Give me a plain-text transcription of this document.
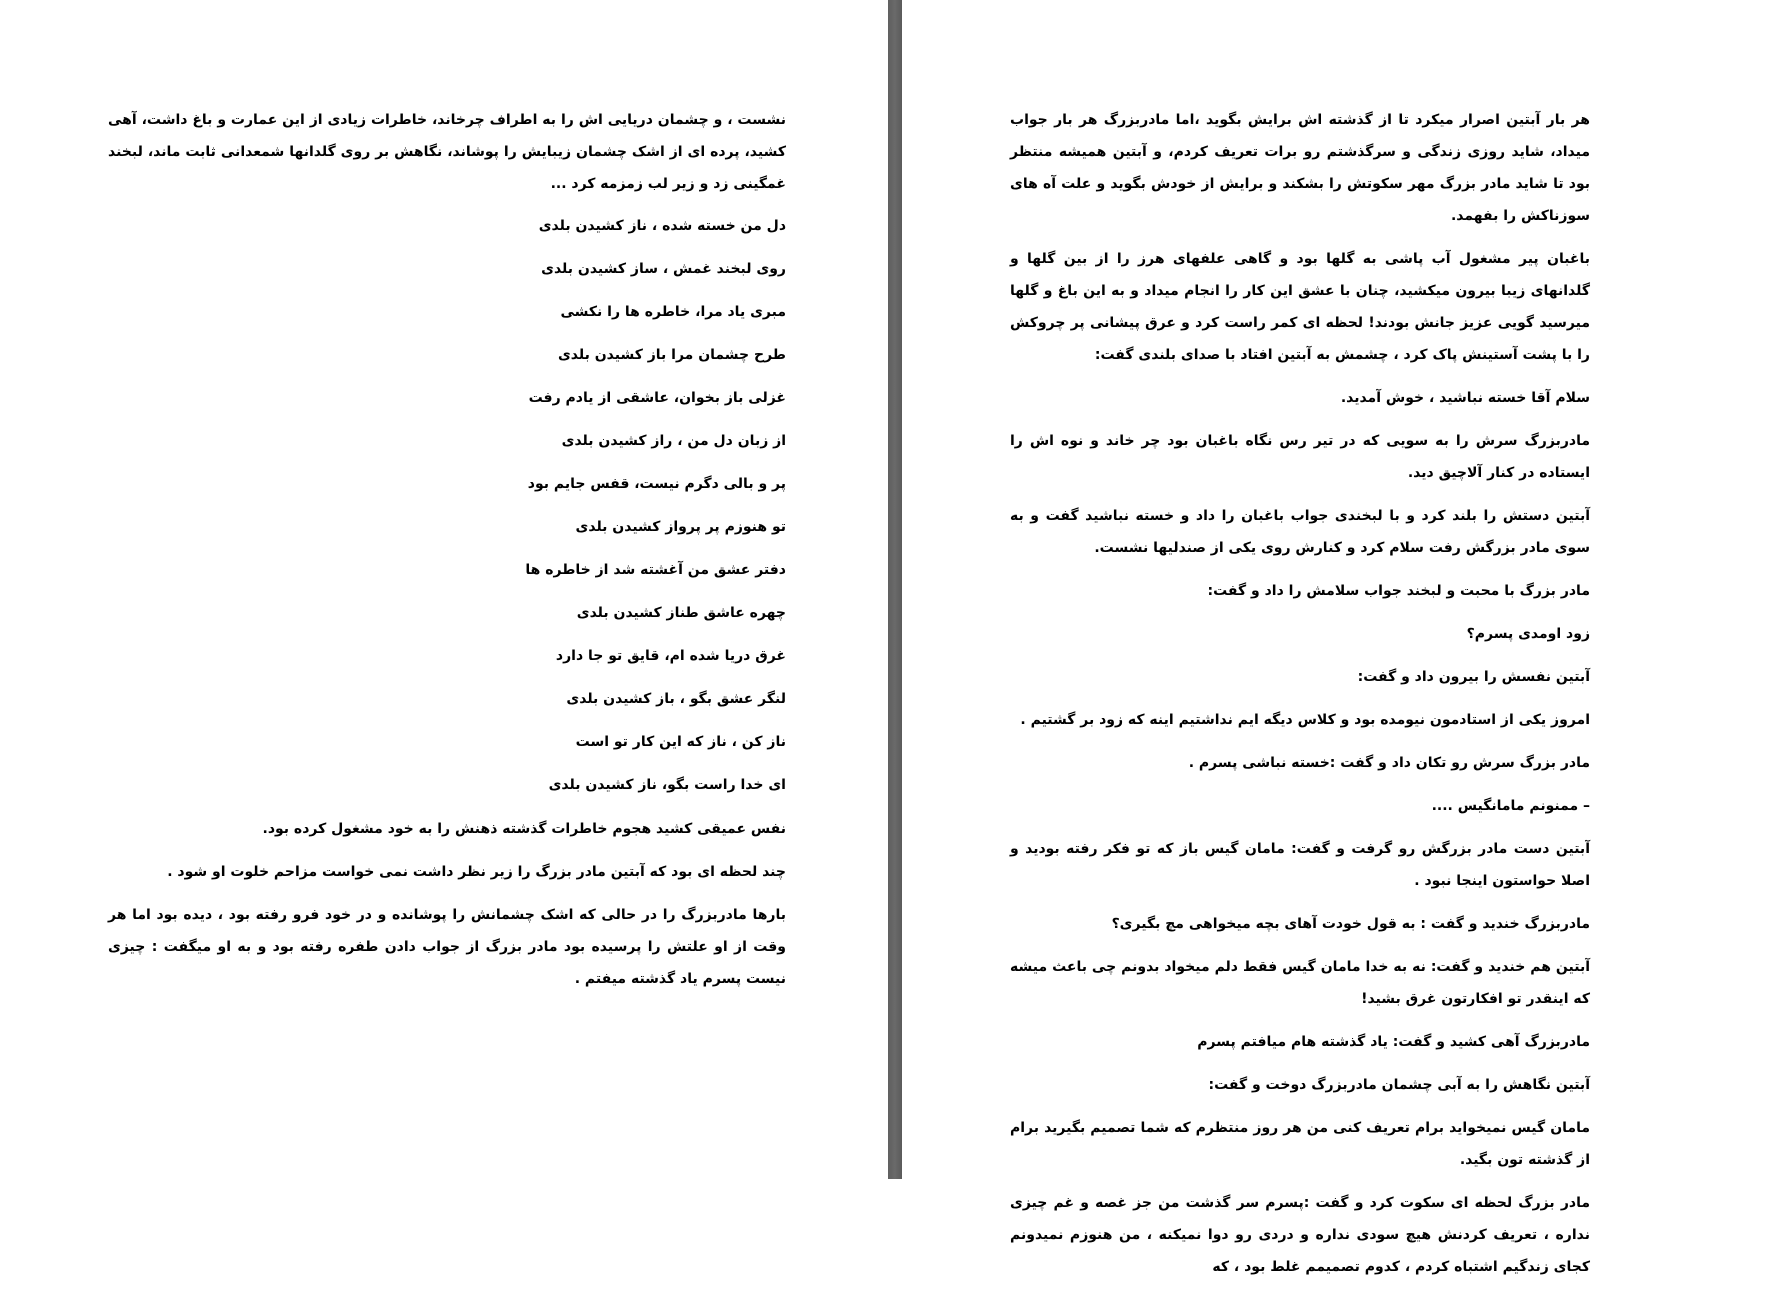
نشست ، و چشمان دریایی اش را به اطراف چرخاند، خاطرات زیادی از این عمارت و باغ داشت، آهی کشید، پرده ای از اشک چشمان زیبایش را پوشاند، نگاهش بر روی گلدانها شمعدانی ثابت ماند، لبخند غمگینی زد و زیر لب زمزمه کرد ...

دل من خسته شده ، ناز کشیدن بلدی

روی لبخند غمش ، ساز کشیدن بلدی

مبری یاد مرا، خاطره ها را نکشی

طرح چشمان مرا باز کشیدن بلدی

غزلی باز بخوان، عاشقی از یادم رفت

از زبان دل من ، راز کشیدن بلدی

پر و بالی دگرم نیست، قفس جایم بود

تو هنوزم پر پرواز کشیدن بلدی

دفتر عشق من آغشته شد از خاطره ها

چهره عاشق طناز کشیدن بلدی

غرق دریا شده ام، قایق تو جا دارد

لنگر عشق بگو ، باز کشیدن بلدی

ناز کن ، ناز که این کار تو است

ای خدا راست بگو، ناز کشیدن بلدی

نفس عمیقی کشید هجوم خاطرات گذشته ذهنش را به خود مشغول کرده بود.

چند لحظه ای بود که آبتین مادر بزرگ را زیر نظر داشت نمی خواست مزاحم خلوت او شود .

بارها مادربزرگ را در حالی که اشک چشمانش را پوشانده و در خود فرو رفته بود ، دیده بود اما هر وقت از او علتش را پرسیده بود مادر بزرگ از جواب دادن طفره رفته بود و به او میگفت : چیزی نیست پسرم یاد گذشته میفتم .

هر بار آبتین اصرار میکرد تا از گذشته اش برایش بگوید ،اما مادربزرگ هر بار جواب میداد، شاید روزی زندگی و سرگذشتم رو برات تعریف کردم، و آبتین همیشه منتظر بود تا شاید مادر بزرگ مهر سکوتش را بشکند و برایش از خودش بگوید و علت آه های سوزناکش را بفهمد.

باغبان پیر مشغول آب پاشی به گلها بود و گاهی علفهای هرز را از بین گلها و گلدانهای زیبا بیرون میکشید، چنان با عشق این کار را انجام میداد و به این باغ و گلها میرسید گویی عزیز جانش بودند! لحظه ای کمر راست کرد و عرق پیشانی پر چروکش را با پشت آستینش پاک کرد ، چشمش به آبتین افتاد با صدای بلندی گفت:

سلام آقا خسته نباشید ، خوش آمدید.

مادربزرگ سرش را به سویی که در تیر رس نگاه باغبان بود چر خاند و نوه اش را ایستاده در کنار آلاچیق دید.

آبتین دستش را بلند کرد و با لبخندی جواب باغبان را داد و خسته نباشید گفت و به سوی مادر بزرگش رفت سلام کرد و کنارش روی یکی از صندلیها نشست.

مادر بزرگ با محبت و لبخند جواب سلامش را داد و گفت:

زود اومدی پسرم؟

آبتین نفسش را بیرون داد و گفت:

امروز یکی از استادمون نیومده بود و کلاس دیگه ایم نداشتیم اینه که زود بر گشتیم .

مادر بزرگ سرش رو تکان داد و گفت :خسته نباشی پسرم .

– ممنونم مامانگیس ....

آبتین دست مادر بزرگش رو گرفت و گفت: مامان گیس باز که تو فکر رفته بودید و اصلا حواستون اینجا نبود .

مادربزرگ خندید و گفت : به قول خودت آهای بچه میخواهی مچ بگیری؟

آبتین هم خندید و گفت: نه به خدا مامان گیس فقط دلم میخواد بدونم چی باعث میشه که اینقدر تو افکارتون غرق بشید!

مادربزرگ آهی کشید و گفت: یاد گذشته هام میافتم پسرم

آبتین نگاهش را به آبی چشمان مادربزرگ دوخت و گفت:

مامان گیس نمیخواید برام تعریف کنی من هر روز منتظرم که شما تصمیم بگیرید برام از گذشته تون بگید.

مادر بزرگ لحظه ای سکوت کرد و گفت :پسرم سر گذشت من جز غصه و غم چیزی نداره ، تعریف کردنش هیچ سودی نداره و دردی رو دوا نمیکنه ، من هنوزم نمیدونم کجای زندگیم اشتباه کردم ، کدوم تصمیمم غلط بود ، که
